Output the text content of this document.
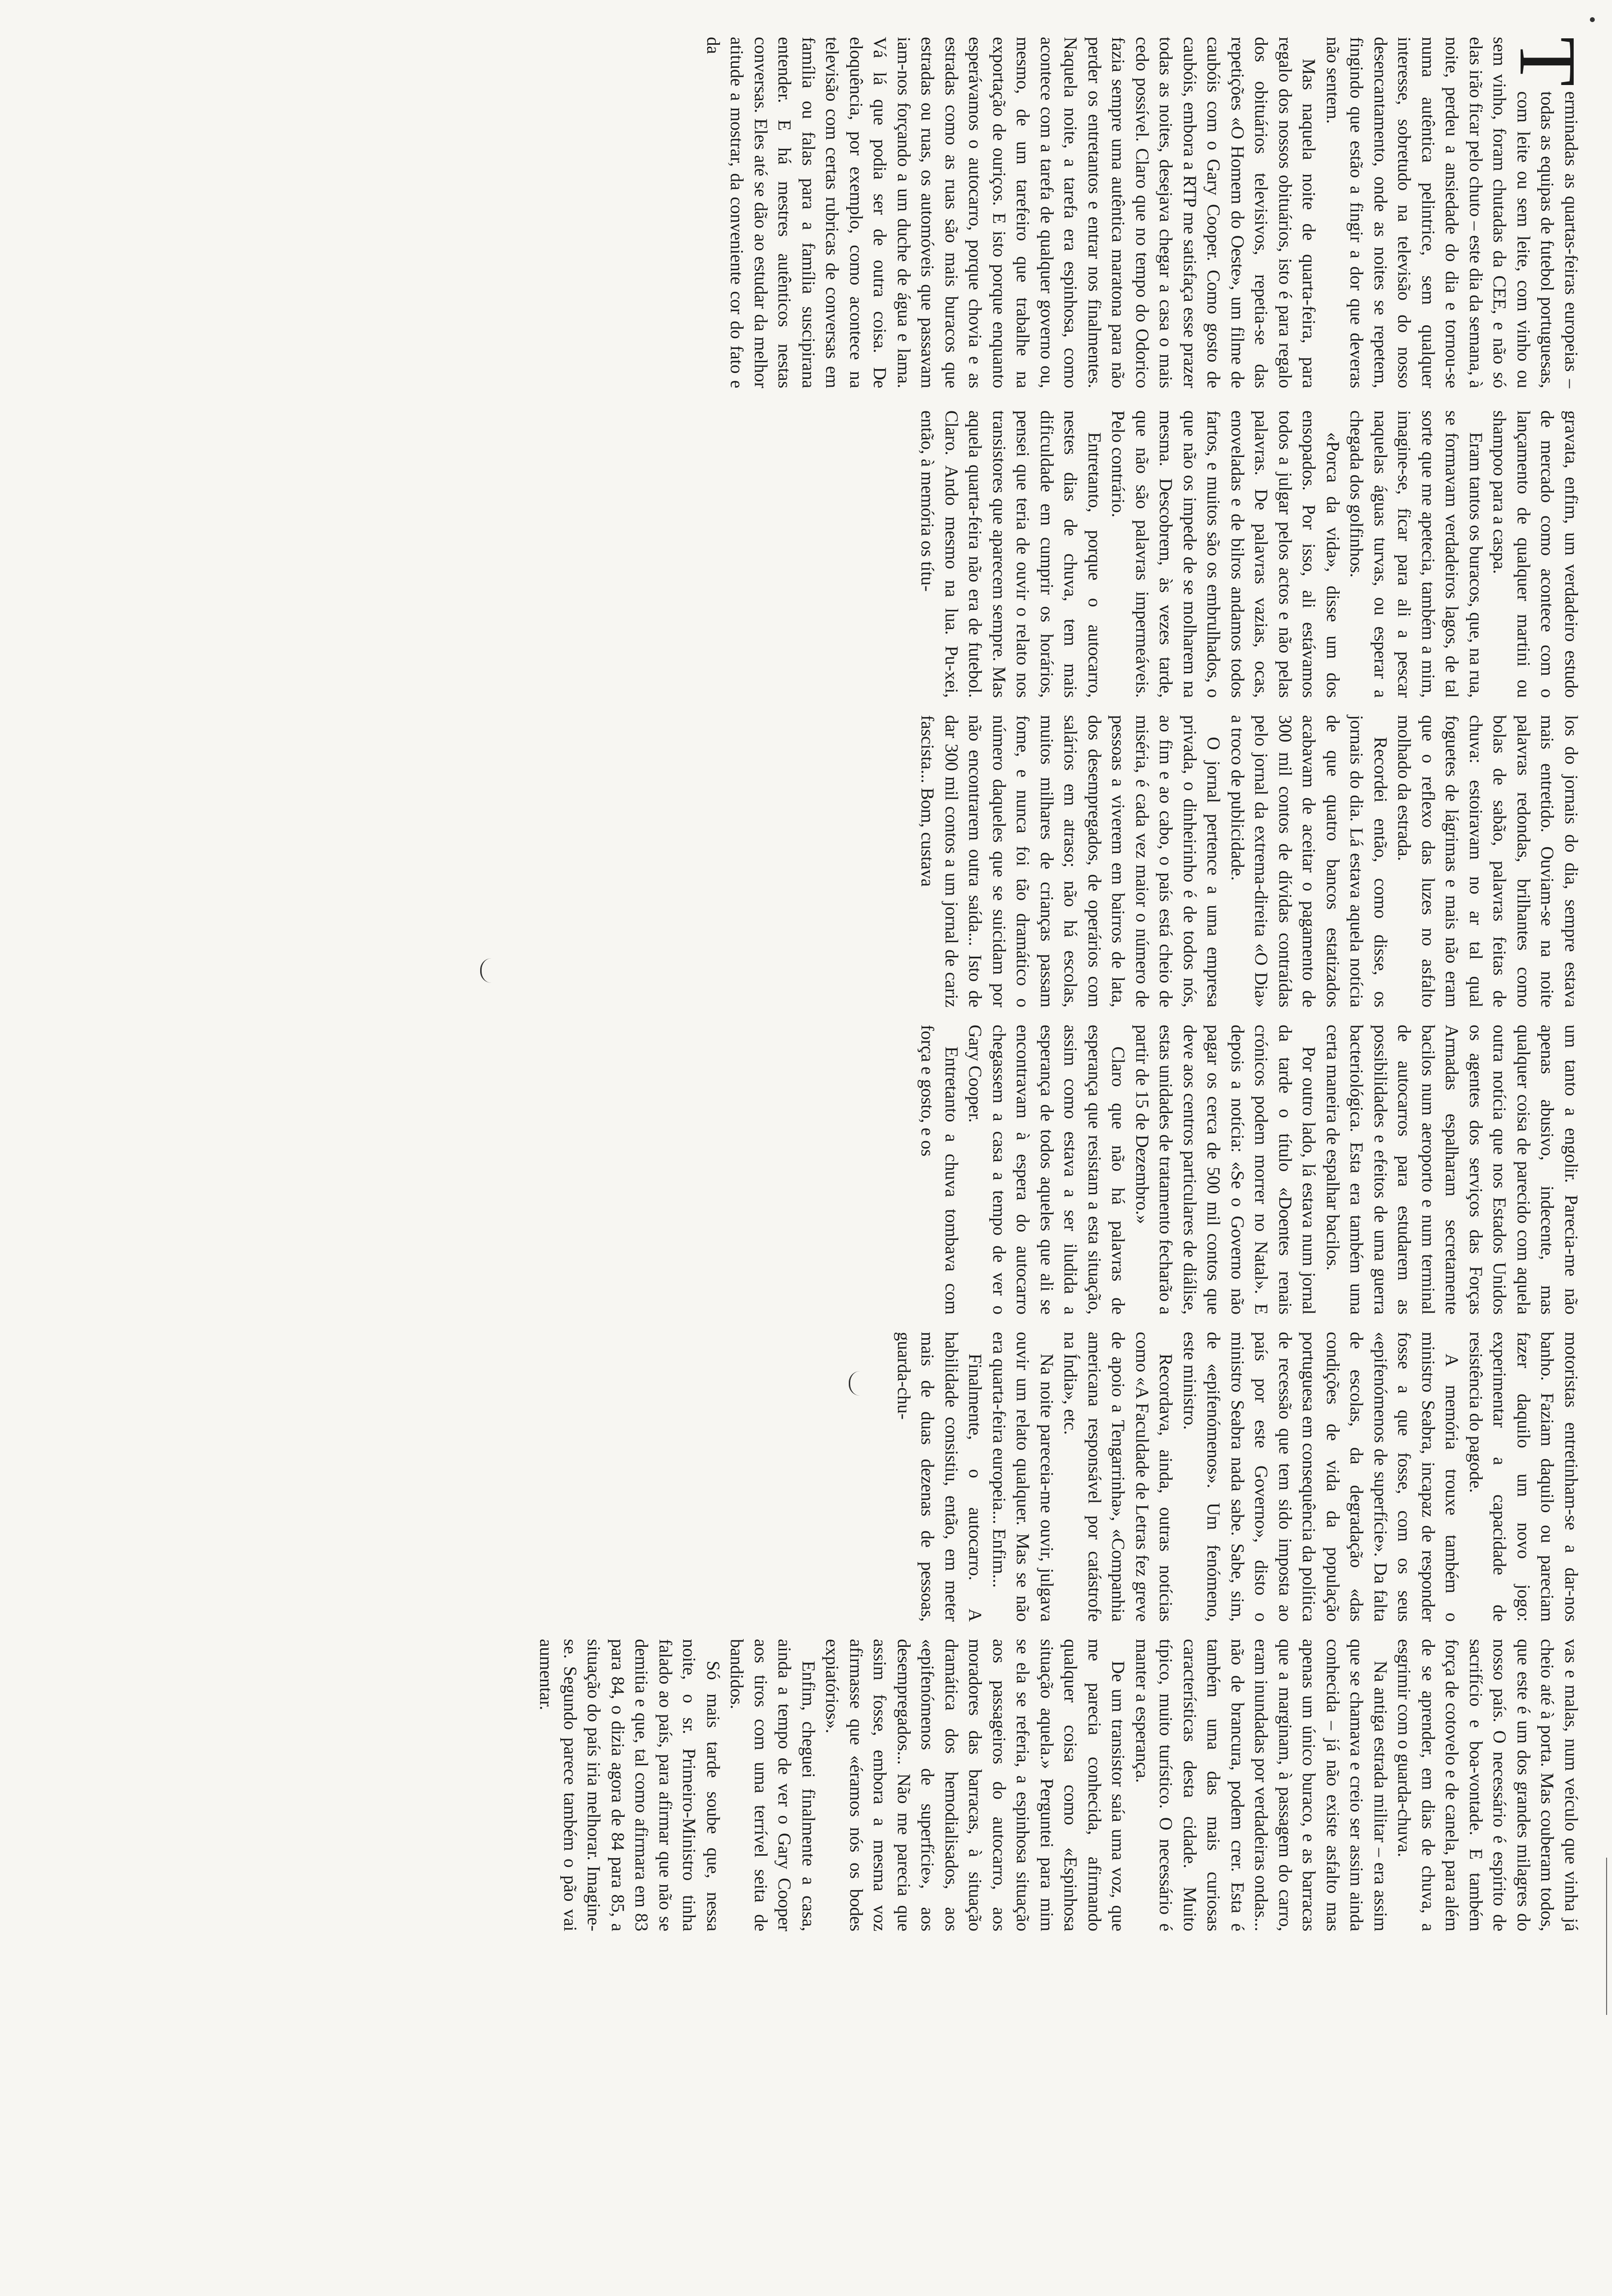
T
erminadas as quartas-feiras europeias – todas as equipas de futebol portuguesas, com leite ou sem leite, com vinho ou sem vinho, foram chutadas da CEE, e não só elas irão ficar pelo chuto – este dia da semana, à noite, perdeu a ansiedade do dia e tornou-se numa autêntica pelintrice, sem qualquer interesse, sobretudo na televisão do nosso desencantamento, onde as noites se repetem, fingindo que estão a fingir a dor que deveras não sentem.

Mas naquela noite de quarta-feira, para regalo dos nossos obituários, isto é para regalo dos obituários televisivos, repetia-se das repetições «O Homem do Oeste», um filme de caubóis com o Gary Cooper. Como gosto de caubóis, embora a RTP me satisfaça esse prazer todas as noites, desejava chegar a casa o mais cedo possível. Claro que no tempo do Odorico fazia sempre uma autêntica maratona para não perder os entretantos e entrar nos finalmentes. Naquela noite, a tarefa era espinhosa, como acontece com a tarefa de qualquer governo ou, mesmo, de um tarefeiro que trabalhe na exportação de ouriços. E isto porque enquanto esperávamos o autocarro, porque chovia e as estradas como as ruas são mais buracos que estradas ou ruas, os automóveis que passavam iam-nos forçando a um duche de água e lama. Vá lá que podia ser de outra coisa. De eloquência, por exemplo, como acontece na televisão com certas rubricas de conversas em família ou falas para a família suscipirana entender. E há mestres autênticos nestas conversas. Eles até se dão ao estudar da melhor atitude a mostrar, da conveniente cor do fato e da

gravata, enfim, um verdadeiro estudo de mercado como acontece com o lançamento de qualquer martini ou shampoo para a caspa.

Eram tantos os buracos, que, na rua, se formavam verdadeiros lagos, de tal sorte que me apetecia, também a mim, imagine-se, ficar para ali a pescar naquelas águas turvas, ou esperar a chegada dos golfinhos.

«Porca da vida», disse um dos ensopados. Por isso, ali estávamos todos a julgar pelos actos e não pelas palavras. De palavras vazias, ocas, enoveladas e de bilros andamos todos fartos, e muitos são os embrulhados, o que não os impede de se molharem na mesma. Descobrem, às vezes tarde, que não são palavras impermeáveis. Pelo contrário.

Entretanto, porque o autocarro, nestes dias de chuva, tem mais dificuldade em cumprir os horários, pensei que teria de ouvir o relato nos transistores que aparecem sempre. Mas aquela quarta-feira não era de futebol. Claro. Ando mesmo na lua. Pu-xei, então, à memória os títu-

los do jornais do dia, sempre estava mais entretido. Ouviam-se na noite palavras redondas, brilhantes como bolas de sabão, palavras feitas de chuva: estoiravam no ar tal qual foguetes de lágrimas e mais não eram que o reflexo das luzes no asfalto molhado da estrada.

Recordei então, como disse, os jornais do dia. Lá estava aquela notícia de que quatro bancos estatizados acabavam de aceitar o pagamento de 300 mil contos de dívidas contraídas pelo jornal da extrema-direita «O Dia» a troco de publicidade.

O jornal pertence a uma empresa privada, o dinheirinho é de todos nós, ao fim e ao cabo, o país está cheio de miséria, é cada vez maior o número de pessoas a viverem em bairros de lata, dos desempregados, de operários com salários em atraso; não há escolas, muitos milhares de crianças passam fome, e nunca foi tão dramático o número daqueles que se suicidam por não encontrarem outra saída... Isto de dar 300 mil contos a um jornal de cariz fascista... Bom, custava

um tanto a engolir. Parecia-me não apenas abusivo, indecente, mas qualquer coisa de parecido com aquela outra notícia que nos Estados Unidos os agentes dos serviços das Forças Armadas espalharam secretamente bacilos num aeroporto e num terminal de autocarros para estudarem as possibilidades e efeitos de uma guerra bacteriológica. Esta era também uma certa maneira de espalhar bacilos.

Por outro lado, lá estava num jornal da tarde o título «Doentes renais crónicos podem morrer no Natal». E depois a notícia: «Se o Governo não pagar os cerca de 500 mil contos que deve aos centros particulares de diálise, estas unidades de tratamento fecharão a partir de 15 de Dezembro.»

Claro que não há palavras de esperança que resistam a esta situação, assim como estava a ser iludida a esperança de todos aqueles que ali se encontravam à espera do autocarro chegassem a casa a tempo de ver o Gary Cooper.

Entretanto a chuva tombava com força e gosto, e os

motoristas entretinham-se a dar-nos banho. Faziam daquilo ou pareciam fazer daquilo um novo jogo: experimentar a capacidade de resistência do pagode.

A memória trouxe também o ministro Seabra, incapaz de responder fosse a que fosse, com os seus «epifenómenos de superfície». Da falta de escolas, da degradação «das condições de vida da população portuguesa em consequência da política de recessão que tem sido imposta ao país por este Governo», disto o ministro Seabra nada sabe. Sabe, sim, de «epifenómenos». Um fenómeno, este ministro.

Recordava, ainda, outras notícias como «A Faculdade de Letras fez greve de apoio a Tengarrinha», «Companhia americana responsável por catástrofe na Índia», etc.

Na noite pareceia-me ouvir, julgava ouvir um relato qualquer. Mas se não era quarta-feira europeia... Enfim...

Finalmente, o autocarro. A habilidade consistiu, então, em meter mais de duas dezenas de pessoas, guarda-chu-

vas e malas, num veículo que vinha já cheio até à porta. Mas couberam todos, que este é um dos grandes milagres do nosso país. O necessário é espírito de sacrifício e boa-vontade. E também força de cotovelo e de canela, para além de se aprender, em dias de chuva, a esgrimir com o guarda-chuva.

Na antiga estrada militar – era assim que se chamava e creio ser assim ainda conhecida – já não existe asfalto mas apenas um único buraco, e as barracas que a marginam, à passagem do carro, eram inundadas por verdadeiras ondas... não de brancura, podem crer. Esta é também uma das mais curiosas características desta cidade. Muito típico, muito turístico. O necessário é manter a esperança.

De um transistor saía uma voz, que me parecia conhecida, afirmando qualquer coisa como «Espinhosa situação aquela.» Perguntei para mim se ela se referia, a espinhosa situação aos passageiros do autocarro, aos moradores das barracas, à situação dramática dos hemodialisados, aos «epifenómenos de superfície», aos desempregados... Não me parecia que assim fosse, embora a mesma voz afirmasse que «éramos nós os bodes expiatórios».

Enfim, cheguei finalmente a casa, ainda a tempo de ver o Gary Cooper aos tiros com uma terrível seita de bandidos.

Só mais tarde soube que, nessa noite, o sr. Primeiro-Ministro tinha falado ao país, para afirmar que não se demitia e que, tal como afirmara em 83 para 84, o dizia agora de 84 para 85, a situação do país iria melhorar. Imagine-se. Segundo parece também o pão vai aumentar.
